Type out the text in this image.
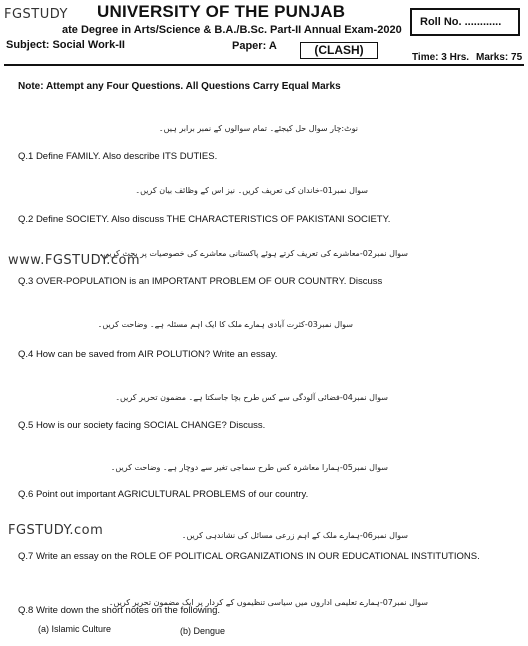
FGSTUDY UNIVERSITY OF THE PUNJAB
ate Degree in Arts/Science & B.A./B.Sc. Part-II Annual Exam-2020
Roll No. ............
Subject: Social Work-II	Paper: A	(CLASH)
Time: 3 Hrs. Marks: 75
Note: Attempt any Four Questions. All Questions Carry Equal Marks
نوٹ:چار سوال حل کیجئے۔ تمام سوالوں کے نمبر برابر ہیں۔
Q.1 Define FAMILY. Also describe ITS DUTIES.
سوال نمبر01-خاندان کی تعریف کریں۔ نیز اس کے وظائف بیان کریں۔
Q.2 Define SOCIETY. Also discuss THE CHARACTERISTICS OF PAKISTANI SOCIETY.
سوال نمبر02-معاشرے کی تعریف کرتے ہوئے پاکستانی معاشرے کی خصوصیات پر بحث کریں۔
www.FGSTUDY.com
Q.3 OVER-POPULATION is an IMPORTANT PROBLEM OF OUR COUNTRY. Discuss
سوال نمبر03-کثرت آبادی ہمارے ملک کا ایک اہم مسئلہ ہے۔ وضاحت کریں۔
Q.4 How can be saved from AIR POLUTION? Write an essay.
سوال نمبر04-فضائی آلودگی سے کس طرح بچا جاسکتا ہے۔ مضمون تحریر کریں۔
Q.5 How is our society facing SOCIAL CHANGE? Discuss.
سوال نمبر05-ہمارا معاشرہ کس طرح سماجی تغیر سے دوچار ہے۔ وضاحت کریں۔
Q.6 Point out important AGRICULTURAL PROBLEMS of our country.
FGSTUDY.com	سوال نمبر06-ہمارے ملک کے اہم زرعی مسائل کی نشاندہی کریں۔
Q.7 Write an essay on the ROLE OF POLITICAL ORGANIZATIONS IN OUR EDUCATIONAL INSTITUTIONS.
سوال نمبر07-ہمارے تعلیمی اداروں میں سیاسی تنظیموں کے کردار پر ایک مضمون تحریر کریں۔
Q.8 Write down the short notes on the following.
(a) Islamic Culture	(b) Dengue
